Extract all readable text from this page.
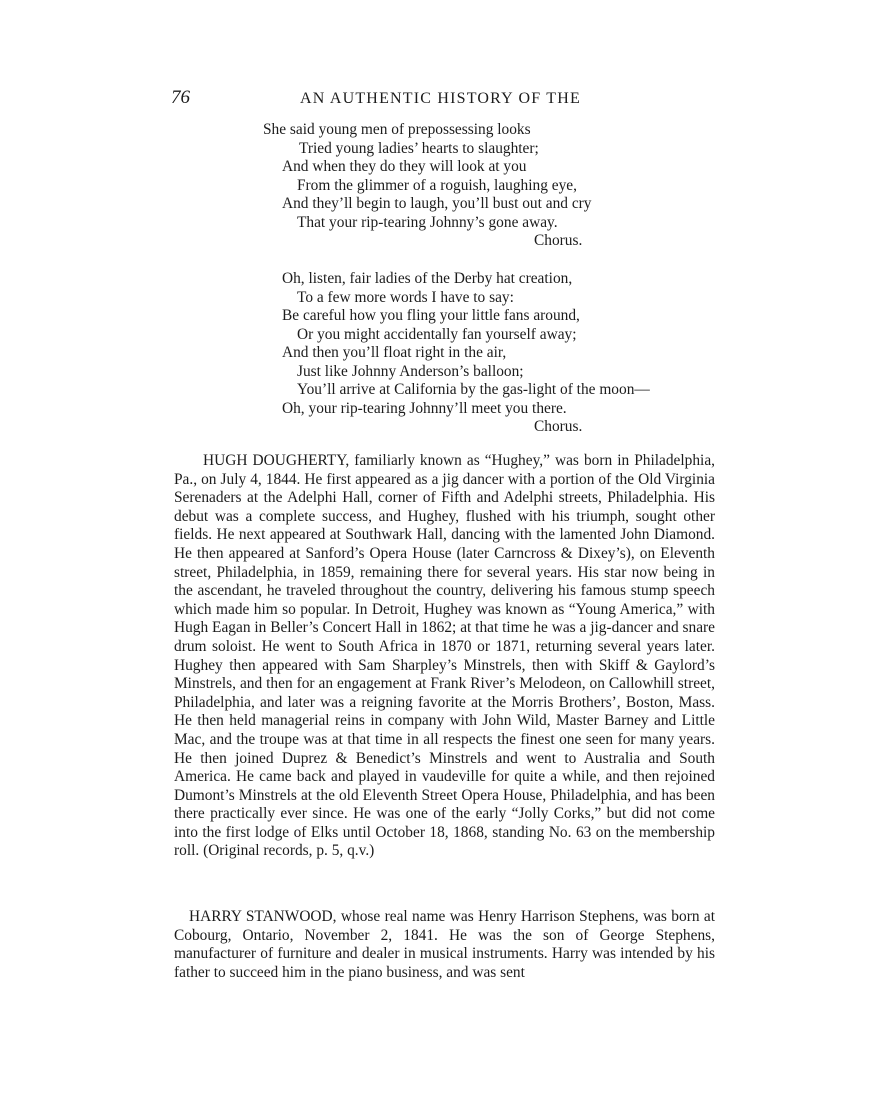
76	AN AUTHENTIC HISTORY OF THE
She said young men of prepossessing looks
Tried young ladies’ hearts to slaughter;
And when they do they will look at you
From the glimmer of a roguish, laughing eye,
And they’ll begin to laugh, you’ll bust out and cry
That your rip-tearing Johnny’s gone away.
Chorus.
Oh, listen, fair ladies of the Derby hat creation,
To a few more words I have to say:
Be careful how you fling your little fans around,
Or you might accidentally fan yourself away;
And then you’ll float right in the air,
Just like Johnny Anderson’s balloon;
You’ll arrive at California by the gas-light of the moon—
Oh, your rip-tearing Johnny’ll meet you there.
Chorus.

HUGH DOUGHERTY, familiarly known as “Hughey,” was born in Philadelphia, Pa., on July 4, 1844. He first appeared as a jig dancer with a portion of the Old Virginia Serenaders at the Adelphi Hall, corner of Fifth and Adelphi streets, Philadelphia. His debut was a complete success, and Hughey, flushed with his triumph, sought other fields. He next appeared at Southwark Hall, dancing with the lamented John Diamond. He then appeared at Sanford’s Opera House (later Carncross & Dixey’s), on Eleventh street, Philadelphia, in 1859, remaining there for several years. His star now being in the ascendant, he traveled throughout the country, delivering his famous stump speech which made him so popular. In Detroit, Hughey was known as “Young America,” with Hugh Eagan in Beller’s Concert Hall in 1862; at that time he was a jig-dancer and snare drum soloist. He went to South Africa in 1870 or 1871, returning several years later. Hughey then appeared with Sam Sharpley’s Minstrels, then with Skiff & Gaylord’s Minstrels, and then for an engagement at Frank River’s Melodeon, on Callowhill street, Philadelphia, and later was a reigning favorite at the Morris Brothers’, Boston, Mass. He then held managerial reins in company with John Wild, Master Barney and Little Mac, and the troupe was at that time in all respects the finest one seen for many years. He then joined Duprez & Benedict’s Minstrels and went to Australia and South America. He came back and played in vaudeville for quite a while, and then rejoined Dumont’s Minstrels at the old Eleventh Street Opera House, Philadelphia, and has been there practically ever since. He was one of the early “Jolly Corks,” but did not come into the first lodge of Elks until October 18, 1868, standing No. 63 on the membership roll. (Original records, p. 5, q.v.)

HARRY STANWOOD, whose real name was Henry Harrison Stephens, was born at Cobourg, Ontario, November 2, 1841. He was the son of George Stephens, manufacturer of furniture and dealer in musical instruments. Harry was intended by his father to succeed him in the piano business, and was sent
